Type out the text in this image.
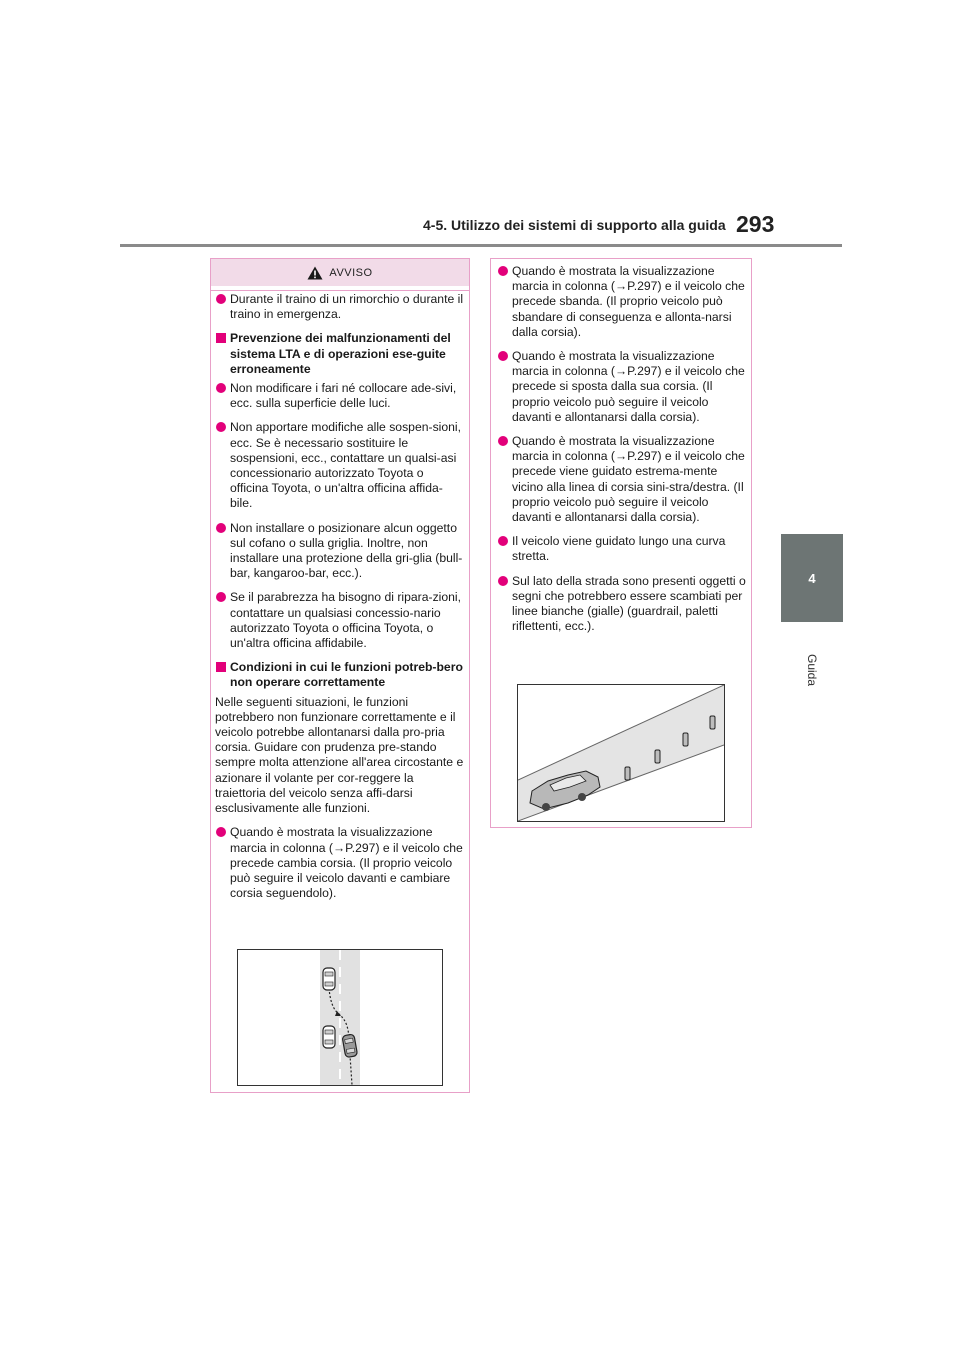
4-5. Utilizzo dei sistemi di supporto alla guida 293
4
Guida
AVVISO
Durante il traino di un rimorchio o durante il traino in emergenza.
Prevenzione dei malfunzionamenti del sistema LTA e di operazioni ese-guite erroneamente
Non modificare i fari né collocare ade-sivi, ecc. sulla superficie delle luci.
Non apportare modifiche alle sospen-sioni, ecc. Se è necessario sostituire le sospensioni, ecc., contattare un qualsi-asi concessionario autorizzato Toyota o officina Toyota, o un'altra officina affida-bile.
Non installare o posizionare alcun oggetto sul cofano o sulla griglia. Inoltre, non installare una protezione della gri-glia (bull-bar, kangaroo-bar, ecc.).
Se il parabrezza ha bisogno di ripara-zioni, contattare un qualsiasi concessio-nario autorizzato Toyota o officina Toyota, o un'altra officina affidabile.
Condizioni in cui le funzioni potreb-bero non operare correttamente
Nelle seguenti situazioni, le funzioni potrebbero non funzionare correttamente e il veicolo potrebbe allontanarsi dalla pro-pria corsia. Guidare con prudenza pre-stando sempre molta attenzione all'area circostante e azionare il volante per cor-reggere la traiettoria del veicolo senza affi-darsi esclusivamente alle funzioni.
Quando è mostrata la visualizzazione marcia in colonna (→P.297) e il veicolo che precede cambia corsia. (Il proprio veicolo può seguire il veicolo davanti e cambiare corsia seguendolo).
Quando è mostrata la visualizzazione marcia in colonna (→P.297) e il veicolo che precede sbanda. (Il proprio veicolo può sbandare di conseguenza e allonta-narsi dalla corsia).
Quando è mostrata la visualizzazione marcia in colonna (→P.297) e il veicolo che precede si sposta dalla sua corsia. (Il proprio veicolo può seguire il veicolo davanti e allontanarsi dalla corsia).
Quando è mostrata la visualizzazione marcia in colonna (→P.297) e il veicolo che precede viene guidato estrema-mente vicino alla linea di corsia sini-stra/destra. (Il proprio veicolo può seguire il veicolo davanti e allontanarsi dalla corsia).
Il veicolo viene guidato lungo una curva stretta.
Sul lato della strada sono presenti oggetti o segni che potrebbero essere scambiati per linee bianche (gialle) (guardrail, paletti riflettenti, ecc.).
